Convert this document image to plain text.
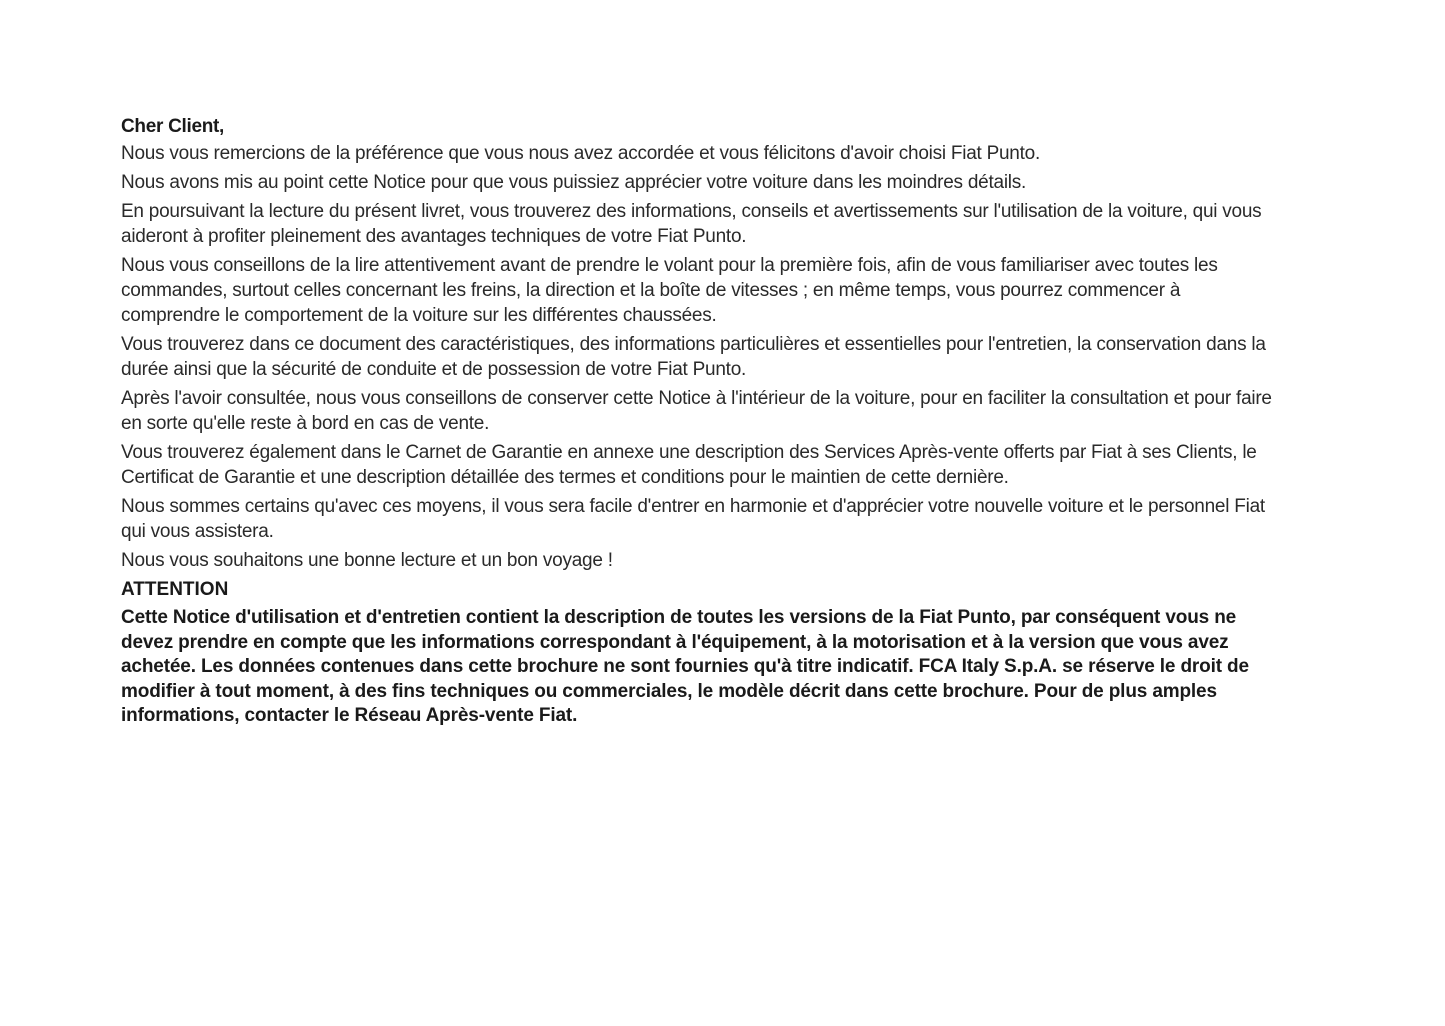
Cher Client,

Nous vous remercions de la préférence que vous nous avez accordée et vous félicitons d'avoir choisi Fiat Punto.

Nous avons mis au point cette Notice pour que vous puissiez apprécier votre voiture dans les moindres détails.

En poursuivant la lecture du présent livret, vous trouverez des informations, conseils et avertissements sur l'utilisation de la voiture, qui vous aideront à profiter pleinement des avantages techniques de votre Fiat Punto.

Nous vous conseillons de la lire attentivement avant de prendre le volant pour la première fois, afin de vous familiariser avec toutes les commandes, surtout celles concernant les freins, la direction et la boîte de vitesses ; en même temps, vous pourrez commencer à comprendre le comportement de la voiture sur les différentes chaussées.

Vous trouverez dans ce document des caractéristiques, des informations particulières et essentielles pour l'entretien, la conservation dans la durée ainsi que la sécurité de conduite et de possession de votre Fiat Punto.

Après l'avoir consultée, nous vous conseillons de conserver cette Notice à l'intérieur de la voiture, pour en faciliter la consultation et pour faire en sorte qu'elle reste à bord en cas de vente.

Vous trouverez également dans le Carnet de Garantie en annexe une description des Services Après-vente offerts par Fiat à ses Clients, le Certificat de Garantie et une description détaillée des termes et conditions pour le maintien de cette dernière.

Nous sommes certains qu'avec ces moyens, il vous sera facile d'entrer en harmonie et d'apprécier votre nouvelle voiture et le personnel Fiat qui vous assistera.

Nous vous souhaitons une bonne lecture et un bon voyage !

ATTENTION

Cette Notice d'utilisation et d'entretien contient la description de toutes les versions de la Fiat Punto, par conséquent vous ne devez prendre en compte que les informations correspondant à l'équipement, à la motorisation et à la version que vous avez achetée. Les données contenues dans cette brochure ne sont fournies qu'à titre indicatif. FCA Italy S.p.A. se réserve le droit de modifier à tout moment, à des fins techniques ou commerciales, le modèle décrit dans cette brochure. Pour de plus amples informations, contacter le Réseau Après-vente Fiat.
